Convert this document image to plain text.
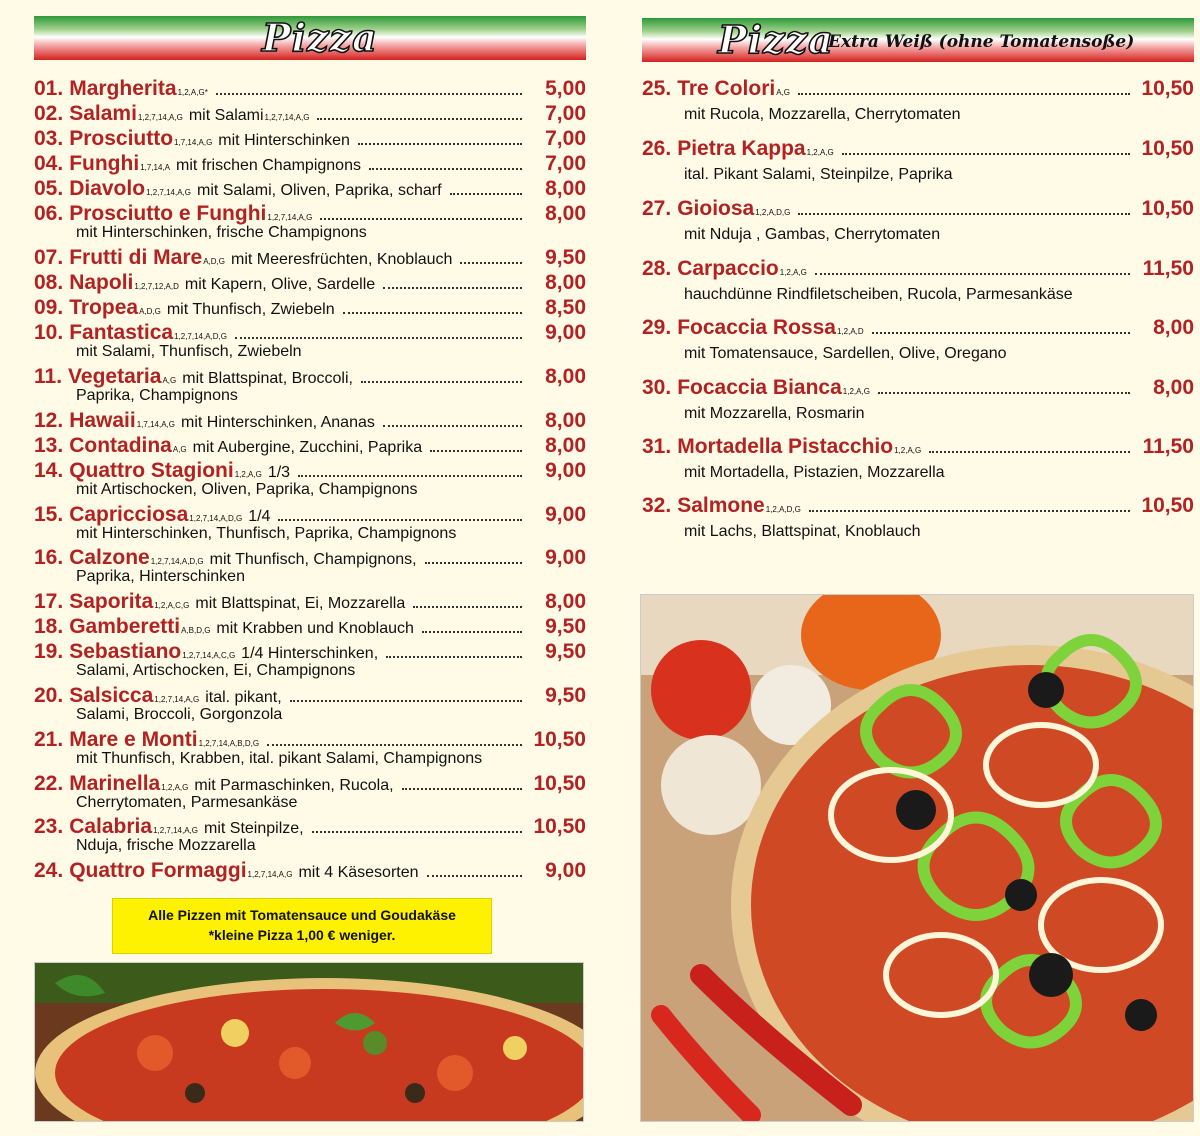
Pizza
01. Margherita 1,2,A,G*	5,00
02. Salami 1,2,7,14,A,G mit Salami 1,2,7,14,A,G	7,00
03. Prosciutto 1,7,14,A,G mit Hinterschinken	7,00
04. Funghi 1,7,14,A mit frischen Champignons	7,00
05. Diavolo 1,2,7,14,A,G mit Salami, Oliven, Paprika, scharf	8,00
06. Prosciutto e Funghi 1,2,7,14,A,G	8,00
mit Hinterschinken, frische Champignons
07. Frutti di Mare A,D,G mit Meeresfrüchten, Knoblauch	9,50
08. Napoli 1,2,7,12,A,D mit Kapern, Olive, Sardelle	8,00
09. Tropea A,D,G mit Thunfisch, Zwiebeln	8,50
10. Fantastica 1,2,7,14,A,D,G	9,00
mit Salami, Thunfisch, Zwiebeln
11. Vegetaria A,G mit Blattspinat, Broccoli,	8,00
Paprika, Champignons
12. Hawaii 1,7,14,A,G mit Hinterschinken, Ananas	8,00
13. Contadina A,G mit Aubergine, Zucchini, Paprika	8,00
14. Quattro Stagioni 1,2,A,G 1/3	9,00
mit Artischocken, Oliven, Paprika, Champignons
15. Capricciosa 1,2,7,14,A,D,G 1/4	9,00
mit Hinterschinken, Thunfisch, Paprika, Champignons
16. Calzone 1,2,7,14,A,D,G mit Thunfisch, Champignons,	9,00
Paprika, Hinterschinken
17. Saporita 1,2,A,C,G mit Blattspinat, Ei, Mozzarella	8,00
18. Gamberetti A,B,D,G mit Krabben und Knoblauch	9,50
19. Sebastiano 1,2,7,14,A,C,G 1/4 Hinterschinken,	9,50
Salami, Artischocken, Ei, Champignons
20. Salsicca 1,2,7,14,A,G ital. pikant,	9,50
Salami, Broccoli, Gorgonzola
21. Mare e Monti 1,2,7,14,A,B,D,G	10,50
mit Thunfisch, Krabben, ital. pikant Salami, Champignons
22. Marinella 1,2,A,G mit Parmaschinken, Rucola,	10,50
Cherrytomaten, Parmesankäse
23. Calabria 1,2,7,14,A,G mit Steinpilze,	10,50
Nduja, frische Mozzarella
24. Quattro Formaggi 1,2,7,14,A,G mit 4 Käsesorten	9,00
Alle Pizzen mit Tomatensauce und Goudakäse
*kleine Pizza 1,00 € weniger.
Pizza
Extra Weiß (ohne Tomatensoße)
25. Tre Colori A,G	10,50
mit Rucola, Mozzarella, Cherrytomaten
26. Pietra Kappa 1,2,A,G	10,50
ital. Pikant Salami, Steinpilze, Paprika
27. Gioiosa 1,2,A,D,G	10,50
mit Nduja , Gambas, Cherrytomaten
28. Carpaccio 1,2,A,G	11,50
hauchdünne Rindfiletscheiben, Rucola, Parmesankäse
29. Focaccia Rossa 1,2,A,D	8,00
mit Tomatensauce, Sardellen, Olive, Oregano
30. Focaccia Bianca 1,2,A,G	8,00
mit Mozzarella, Rosmarin
31. Mortadella Pistacchio 1,2,A,G	11,50
mit Mortadella, Pistazien, Mozzarella
32. Salmone 1,2,A,D,G	10,50
mit Lachs, Blattspinat, Knoblauch
